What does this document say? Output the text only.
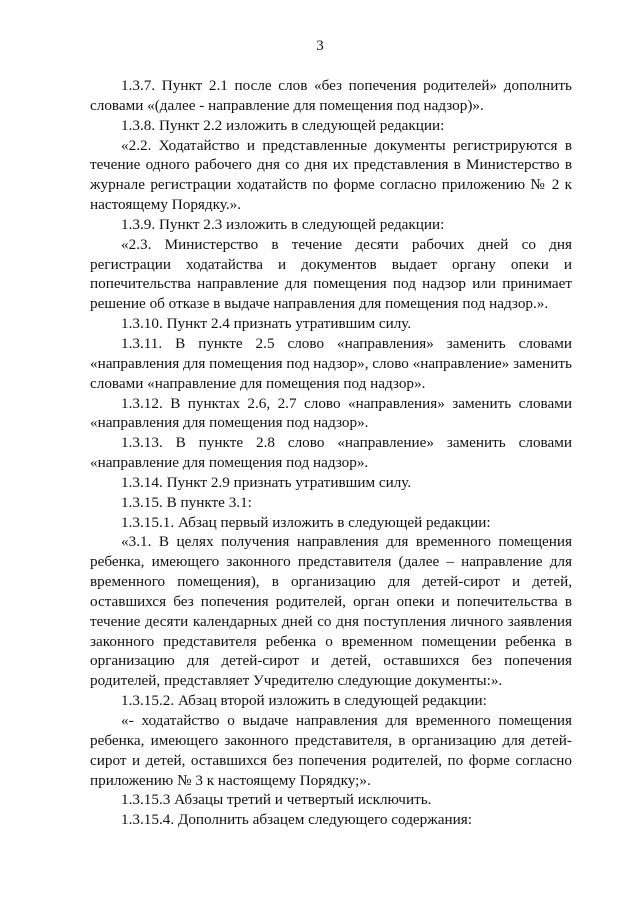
3

1.3.7. Пункт 2.1 после слов «без попечения родителей» дополнить словами «(далее - направление для помещения под надзор)».

1.3.8. Пункт 2.2 изложить в следующей редакции:

«2.2. Ходатайство и представленные документы регистрируются в течение одного рабочего дня со дня их представления в Министерство в журнале регистрации ходатайств по форме согласно приложению № 2 к настоящему Порядку.».

1.3.9. Пункт 2.3 изложить в следующей редакции:

«2.3. Министерство в течение десяти рабочих дней со дня регистрации ходатайства и документов выдает органу опеки и попечительства направление для помещения под надзор или принимает решение об отказе в выдаче направления для помещения под надзор.».

1.3.10. Пункт 2.4 признать утратившим силу.

1.3.11. В пункте 2.5 слово «направления» заменить словами «направления для помещения под надзор», слово «направление» заменить словами «направление для помещения под надзор».

1.3.12. В пунктах 2.6, 2.7 слово «направления» заменить словами «направления для помещения под надзор».

1.3.13. В пункте 2.8 слово «направление» заменить словами «направление для помещения под надзор».

1.3.14. Пункт 2.9 признать утратившим силу.

1.3.15. В пункте 3.1:

1.3.15.1. Абзац первый изложить в следующей редакции:

«3.1. В целях получения направления для временного помещения ребенка, имеющего законного представителя (далее – направление для временного помещения), в организацию для детей-сирот и детей, оставшихся без попечения родителей, орган опеки и попечительства в течение десяти календарных дней со дня поступления личного заявления законного представителя ребенка о временном помещении ребенка в организацию для детей-сирот и детей, оставшихся без попечения родителей, представляет Учредителю следующие документы:».

1.3.15.2. Абзац второй изложить в следующей редакции:

«- ходатайство о выдаче направления для временного помещения ребенка, имеющего законного представителя, в организацию для детей-сирот и детей, оставшихся без попечения родителей, по форме согласно приложению № 3 к настоящему Порядку;».

1.3.15.3 Абзацы третий и четвертый исключить.

1.3.15.4. Дополнить абзацем следующего содержания:
